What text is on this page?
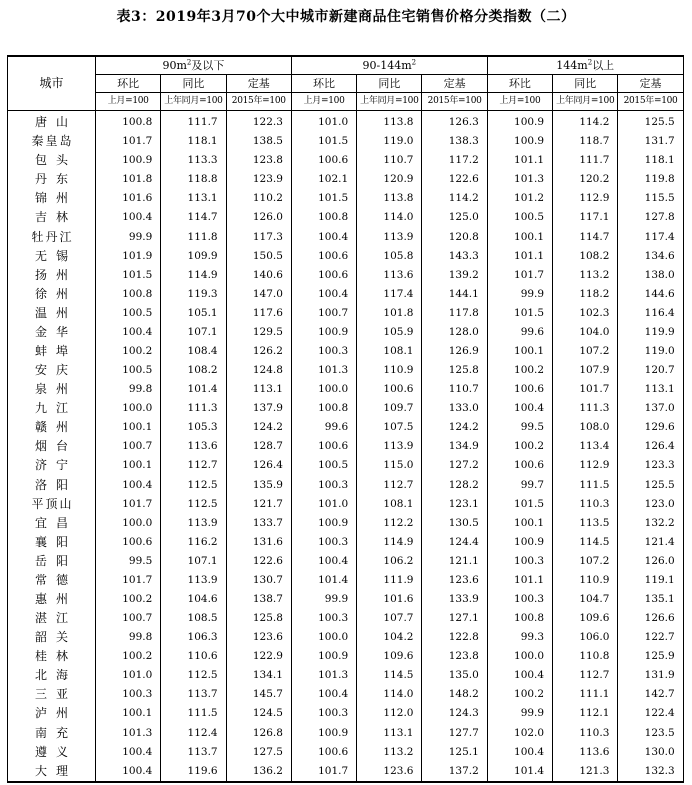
表3：2019年3月70个大中城市新建商品住宅销售价格分类指数（二）
城市	$90m^2$及以下			$90-144m^2$			$144m^2$以上		
	环比	同比	定基	环比	同比	定基	环比	同比	定基
	上月=100	上年同月=100	2015年=100	上月=100	上年同月=100	2015年=100	上月=100	上年同月=100	2015年=100
唐山	100.8	111.7	122.3	101.0	113.8	126.3	100.9	114.2	125.5
秦皇岛	101.7	118.1	138.5	101.5	119.0	138.3	100.9	118.7	131.7
包头	100.9	113.3	123.8	100.6	110.7	117.2	101.1	111.7	118.1
丹东	101.8	118.8	123.9	102.1	120.9	122.6	101.3	120.2	119.8
锦州	101.6	113.1	110.2	101.5	113.8	114.2	101.2	112.9	115.5
吉林	100.4	114.7	126.0	100.8	114.0	125.0	100.5	117.1	127.8
牡丹江	99.9	111.8	117.3	100.4	113.9	120.8	100.1	114.7	117.4
无锡	101.9	109.9	150.5	100.6	105.8	143.3	101.1	108.2	134.6
扬州	101.5	114.9	140.6	100.6	113.6	139.2	101.7	113.2	138.0
徐州	100.8	119.3	147.0	100.4	117.4	144.1	99.9	118.2	144.6
温州	100.5	105.1	117.6	100.7	101.8	117.8	101.5	102.3	116.4
金华	100.4	107.1	129.5	100.9	105.9	128.0	99.6	104.0	119.9
蚌埠	100.2	108.4	126.2	100.3	108.1	126.9	100.1	107.2	119.0
安庆	100.5	108.2	124.8	101.3	110.9	125.8	100.2	107.9	120.7
泉州	99.8	101.4	113.1	100.0	100.6	110.7	100.6	101.7	113.1
九江	100.0	111.3	137.9	100.8	109.7	133.0	100.4	111.3	137.0
赣州	100.1	105.3	124.2	99.6	107.5	124.2	99.5	108.0	129.6
烟台	100.7	113.6	128.7	100.6	113.9	134.9	100.2	113.4	126.4
济宁	100.1	112.7	126.4	100.5	115.0	127.2	100.6	112.9	123.3
洛阳	100.4	112.5	135.9	100.3	112.7	128.2	99.7	111.5	125.5
平顶山	101.7	112.5	121.7	101.0	108.1	123.1	101.5	110.3	123.0
宜昌	100.0	113.9	133.7	100.9	112.2	130.5	100.1	113.5	132.2
襄阳	100.6	116.2	131.6	100.3	114.9	124.4	100.9	114.5	121.4
岳阳	99.5	107.1	122.6	100.4	106.2	121.1	100.3	107.2	126.0
常德	101.7	113.9	130.7	101.4	111.9	123.6	101.1	110.9	119.1
惠州	100.2	104.6	138.7	99.9	101.6	133.9	100.3	104.7	135.1
湛江	100.7	108.5	125.8	100.3	107.7	127.1	100.8	109.6	126.6
韶关	99.8	106.3	123.6	100.0	104.2	122.8	99.3	106.0	122.7
桂林	100.2	110.6	122.9	100.9	109.6	123.8	100.0	110.8	125.9
北海	101.0	112.5	134.1	101.3	114.5	135.0	100.4	112.7	131.9
三亚	100.3	113.7	145.7	100.4	114.0	148.2	100.2	111.1	142.7
泸州	100.1	111.5	124.5	100.3	112.0	124.3	99.9	112.1	122.4
南充	101.3	112.4	126.8	100.9	113.1	127.7	102.0	110.3	123.5
遵义	100.4	113.7	127.5	100.6	113.2	125.1	100.4	113.6	130.0
大理	100.4	119.6	136.2	101.7	123.6	137.2	101.4	121.3	132.3
